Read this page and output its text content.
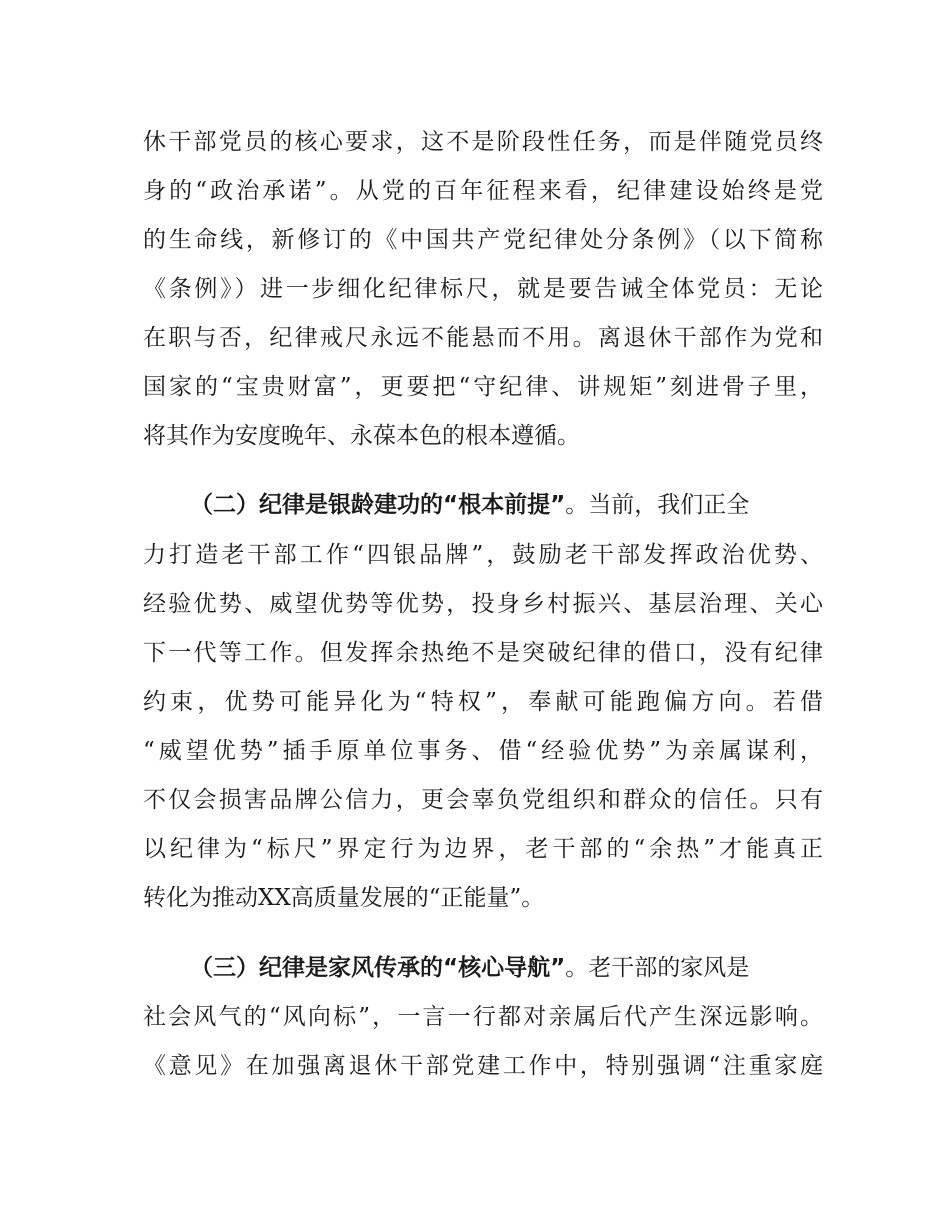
休干部党员的核心要求，这不是阶段性任务，而是伴随党员终
身的“政治承诺”。从党的百年征程来看，纪律建设始终是党
的生命线，新修订的《中国共产党纪律处分条例》（以下简称
《条例》）进一步细化纪律标尺，就是要告诫全体党员：无论
在职与否，纪律戒尺永远不能悬而不用。离退休干部作为党和
国家的“宝贵财富”，更要把“守纪律、讲规矩”刻进骨子里，
将其作为安度晚年、永葆本色的根本遵循。
（二）纪律是银龄建功的“根本前提”。当前，我们正全
力打造老干部工作“四银品牌”，鼓励老干部发挥政治优势、
经验优势、威望优势等优势，投身乡村振兴、基层治理、关心
下一代等工作。但发挥余热绝不是突破纪律的借口，没有纪律
约束，优势可能异化为“特权”，奉献可能跑偏方向。若借
“威望优势”插手原单位事务、借“经验优势”为亲属谋利，
不仅会损害品牌公信力，更会辜负党组织和群众的信任。只有
以纪律为“标尺”界定行为边界，老干部的“余热”才能真正
转化为推动XX高质量发展的“正能量”。
（三）纪律是家风传承的“核心导航”。老干部的家风是
社会风气的“风向标”，一言一行都对亲属后代产生深远影响。
《意见》在加强离退休干部党建工作中，特别强调“注重家庭
